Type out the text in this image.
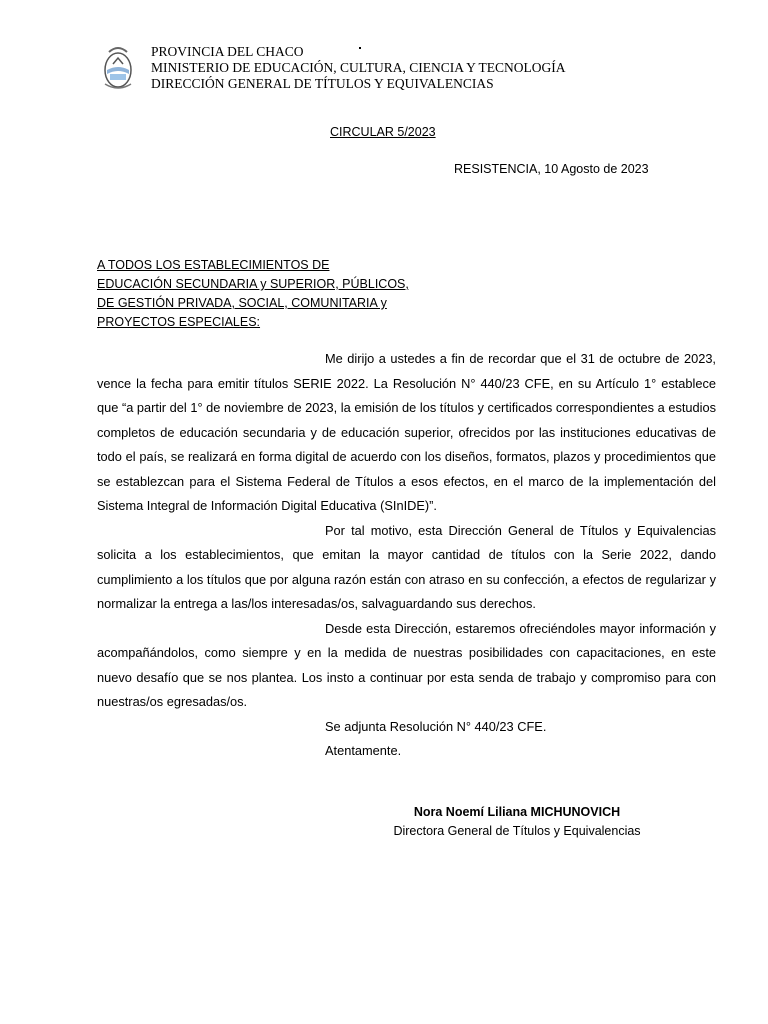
PROVINCIA DEL CHACO
MINISTERIO DE EDUCACIÓN, CULTURA, CIENCIA Y TECNOLOGÍA
DIRECCIÓN GENERAL DE TÍTULOS Y EQUIVALENCIAS
CIRCULAR 5/2023
RESISTENCIA, 10 Agosto de 2023
A TODOS LOS ESTABLECIMIENTOS DE
EDUCACIÓN SECUNDARIA y SUPERIOR, PÚBLICOS,
DE GESTIÓN PRIVADA, SOCIAL, COMUNITARIA y
PROYECTOS ESPECIALES:

Me dirijo a ustedes a fin de recordar que el 31 de octubre de 2023, vence la fecha para emitir títulos SERIE 2022. La Resolución N° 440/23 CFE, en su Artículo 1° establece que “a partir del 1° de noviembre de 2023, la emisión de los títulos y certificados correspondientes a estudios completos de educación secundaria y de educación superior, ofrecidos por las instituciones educativas de todo el país, se realizará en forma digital de acuerdo con los diseños, formatos, plazos y procedimientos que se establezcan para el Sistema Federal de Títulos a esos efectos, en el marco de la implementación del Sistema Integral de Información Digital Educativa (SInIDE)”.

Por tal motivo, esta Dirección General de Títulos y Equivalencias solicita a los establecimientos, que emitan la mayor cantidad de títulos con la Serie 2022, dando cumplimiento a los títulos que por alguna razón están con atraso en su confección, a efectos de regularizar y normalizar la entrega a las/los interesadas/os, salvaguardando sus derechos.

Desde esta Dirección, estaremos ofreciéndoles mayor información y acompañándolos, como siempre y en la medida de nuestras posibilidades con capacitaciones, en este nuevo desafío que se nos plantea. Los insto a continuar por esta senda de trabajo y compromiso para con nuestras/os egresadas/os.

Se adjunta Resolución N° 440/23 CFE.

Atentamente.

Nora Noemí Liliana MICHUNOVICH
Directora General de Títulos y Equivalencias
